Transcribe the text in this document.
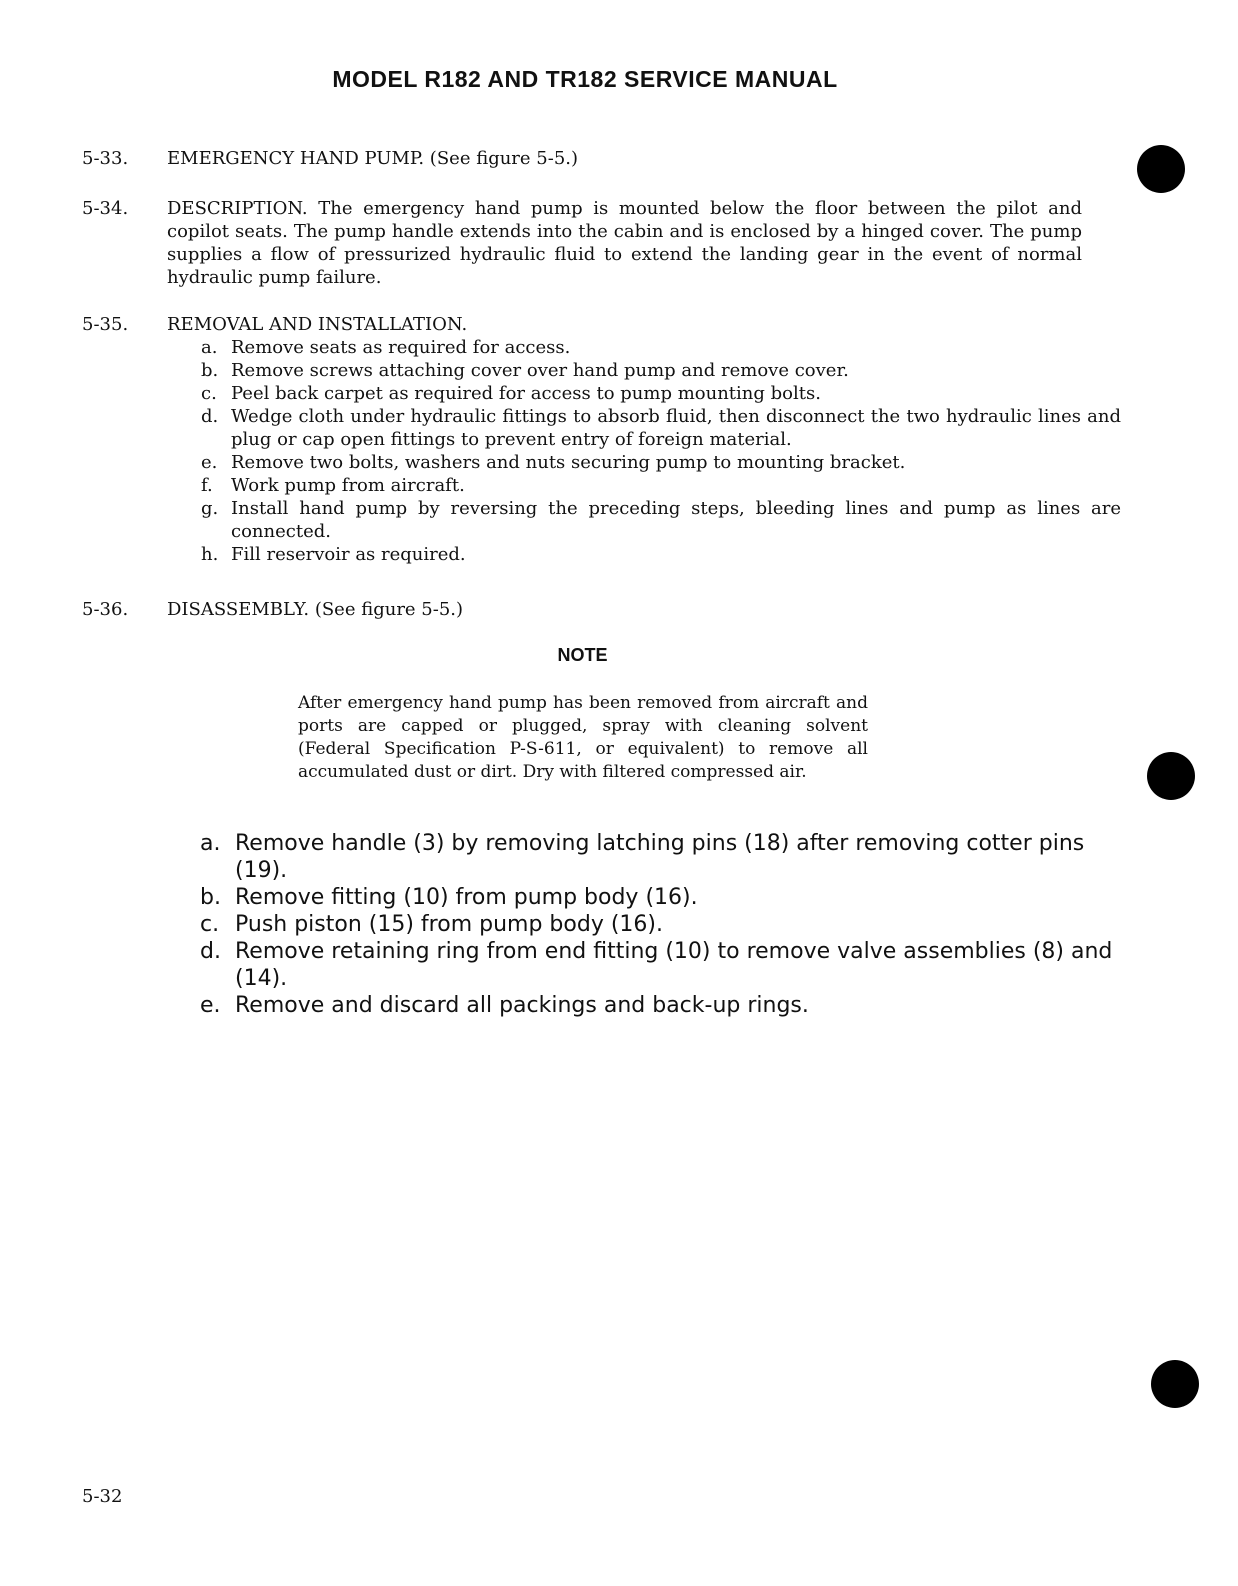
MODEL R182 AND TR182 SERVICE MANUAL
5-33.	EMERGENCY HAND PUMP. (See figure 5-5.)
5-34.	DESCRIPTION. The emergency hand pump is mounted below the floor between the pilot and copilot seats. The pump handle extends into the cabin and is enclosed by a hinged cover. The pump supplies a flow of pressurized hydraulic fluid to extend the landing gear in the event of normal hydraulic pump failure.
5-35.	REMOVAL AND INSTALLATION.
a. Remove seats as required for access.
b. Remove screws attaching cover over hand pump and remove cover.
c. Peel back carpet as required for access to pump mounting bolts.
d. Wedge cloth under hydraulic fittings to absorb fluid, then disconnect the two hydraulic lines and plug or cap open fittings to prevent entry of foreign material.
e. Remove two bolts, washers and nuts securing pump to mounting bracket.
f. Work pump from aircraft.
g. Install hand pump by reversing the preceding steps, bleeding lines and pump as lines are connected.
h. Fill reservoir as required.
5-36.	DISASSEMBLY. (See figure 5-5.)
NOTE
After emergency hand pump has been removed from aircraft and ports are capped or plugged, spray with cleaning solvent (Federal Specification P-S-611, or equivalent) to remove all accumulated dust or dirt. Dry with filtered compressed air.
a. Remove handle (3) by removing latching pins (18) after removing cotter pins (19).
b. Remove fitting (10) from pump body (16).
c. Push piston (15) from pump body (16).
d. Remove retaining ring from end fitting (10) to remove valve assemblies (8) and (14).
e. Remove and discard all packings and back-up rings.
5-32
